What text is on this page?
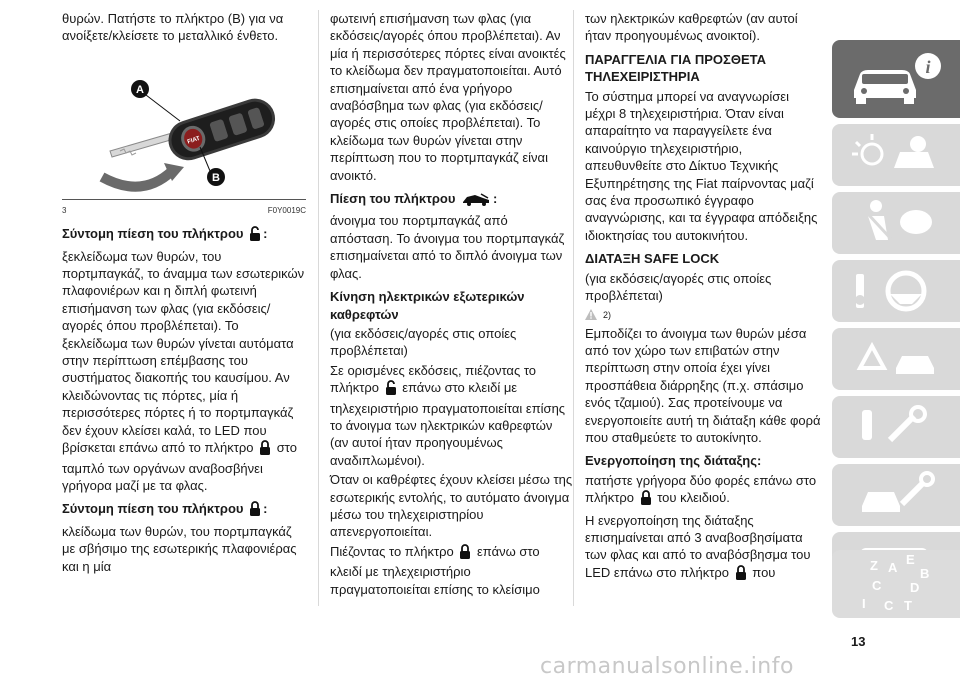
θυρών. Πατήστε το πλήκτρο (B) για να ανοίξετε/κλείσετε το μεταλλικό ένθετο.

FIAT
A
B
3	F0Y0019C
Σύντομη πίεση του πλήκτρου :

ξεκλείδωμα των θυρών, του πορτμπαγκάζ, το άναμμα των εσωτερικών πλαφονιέρων και η διπλή φωτεινή επισήμανση των φλας (για εκδόσεις/αγορές όπου προβλέπεται). Το ξεκλείδωμα των θυρών γίνεται αυτόματα στην περίπτωση επέμβασης του συστήματος διακοπής του καυσίμου. Αν κλειδώνοντας τις πόρτες, μία ή περισσότερες πόρτες ή το πορτμπαγκάζ δεν έχουν κλείσει καλά, το LED που βρίσκεται επάνω από το πλήκτρο στο ταμπλό των οργάνων αναβοσβήνει γρήγορα μαζί με τα φλας.

Σύντομη πίεση του πλήκτρου :

κλείδωμα των θυρών, του πορτμπαγκάζ με σβήσιμο της εσωτερικής πλαφονιέρας και η μία

φωτεινή επισήμανση των φλας (για εκδόσεις/αγορές όπου προβλέπεται). Αν μία ή περισσότερες πόρτες είναι ανοικτές το κλείδωμα δεν πραγματοποιείται. Αυτό επισημαίνεται από ένα γρήγορο αναβόσβημα των φλας (για εκδόσεις/αγορές στις οποίες προβλέπεται). Το κλείδωμα των θυρών γίνεται στην περίπτωση που το πορτμπαγκάζ είναι ανοικτό.

Πίεση του πλήκτρου	:

άνοιγμα του πορτμπαγκάζ από απόσταση. Το άνοιγμα του πορτμπαγκάζ επισημαίνεται από το διπλό άνοιγμα των φλας.

Κίνηση ηλεκτρικών εξωτερικών καθρεφτών

(για εκδόσεις/αγορές στις οποίες προβλέπεται)

Σε ορισμένες εκδόσεις, πιέζοντας το πλήκτρο επάνω στο κλειδί με τηλεχειριστήριο πραγματοποιείται επίσης το άνοιγμα των ηλεκτρικών καθρεφτών (αν αυτοί ήταν προηγουμένως αναδιπλωμένοι).

Όταν οι καθρέφτες έχουν κλείσει μέσω της εσωτερικής εντολής, το αυτόματο άνοιγμα μέσω του τηλεχειριστηρίου απενεργοποιείται.

Πιέζοντας το πλήκτρο επάνω στο κλειδί με τηλεχειριστήριο πραγματοποιείται επίσης το κλείσιμο

των ηλεκτρικών καθρεφτών (αν αυτοί ήταν προηγουμένως ανοικτοί).

ΠΑΡΑΓΓΕΛΙΑ ΓΙΑ ΠΡΟΣΘΕΤΑ ΤΗΛΕΧΕΙΡΙΣΤΗΡΙΑ

Το σύστημα μπορεί να αναγνωρίσει μέχρι 8 τηλεχειριστήρια. Όταν είναι απαραίτητο να παραγγείλετε ένα καινούργιο τηλεχειριστήριο, απευθυνθείτε στο Δίκτυο Τεχνικής Εξυπηρέτησης της Fiat παίρνοντας μαζί σας ένα προσωπικό έγγραφο αναγνώρισης, και τα έγγραφα απόδειξης ιδιοκτησίας του αυτοκινήτου.

ΔΙΑΤΑΞΗ SAFE LOCK

(για εκδόσεις/αγορές στις οποίες προβλέπεται)

2)

Εμποδίζει το άνοιγμα των θυρών μέσα από τον χώρο των επιβατών στην περίπτωση στην οποία έχει γίνει προσπάθεια διάρρηξης (π.χ. σπάσιμο ενός τζαμιού). Σας προτείνουμε να ενεργοποιείτε αυτή τη διάταξη κάθε φορά που σταθμεύετε το αυτοκίνητο.

Ενεργοποίηση της διάταξης:

πατήστε γρήγορα δύο φορές επάνω στο πλήκτρο του κλειδιού.

Η ενεργοποίηση της διάταξης επισημαίνεται από 3 αναβοσβησίματα των φλας και από το αναβόσβησμα του LED επάνω στο πλήκτρο που

i
Z A
E
B
C D
I C T
13
carmanualsonline.info
